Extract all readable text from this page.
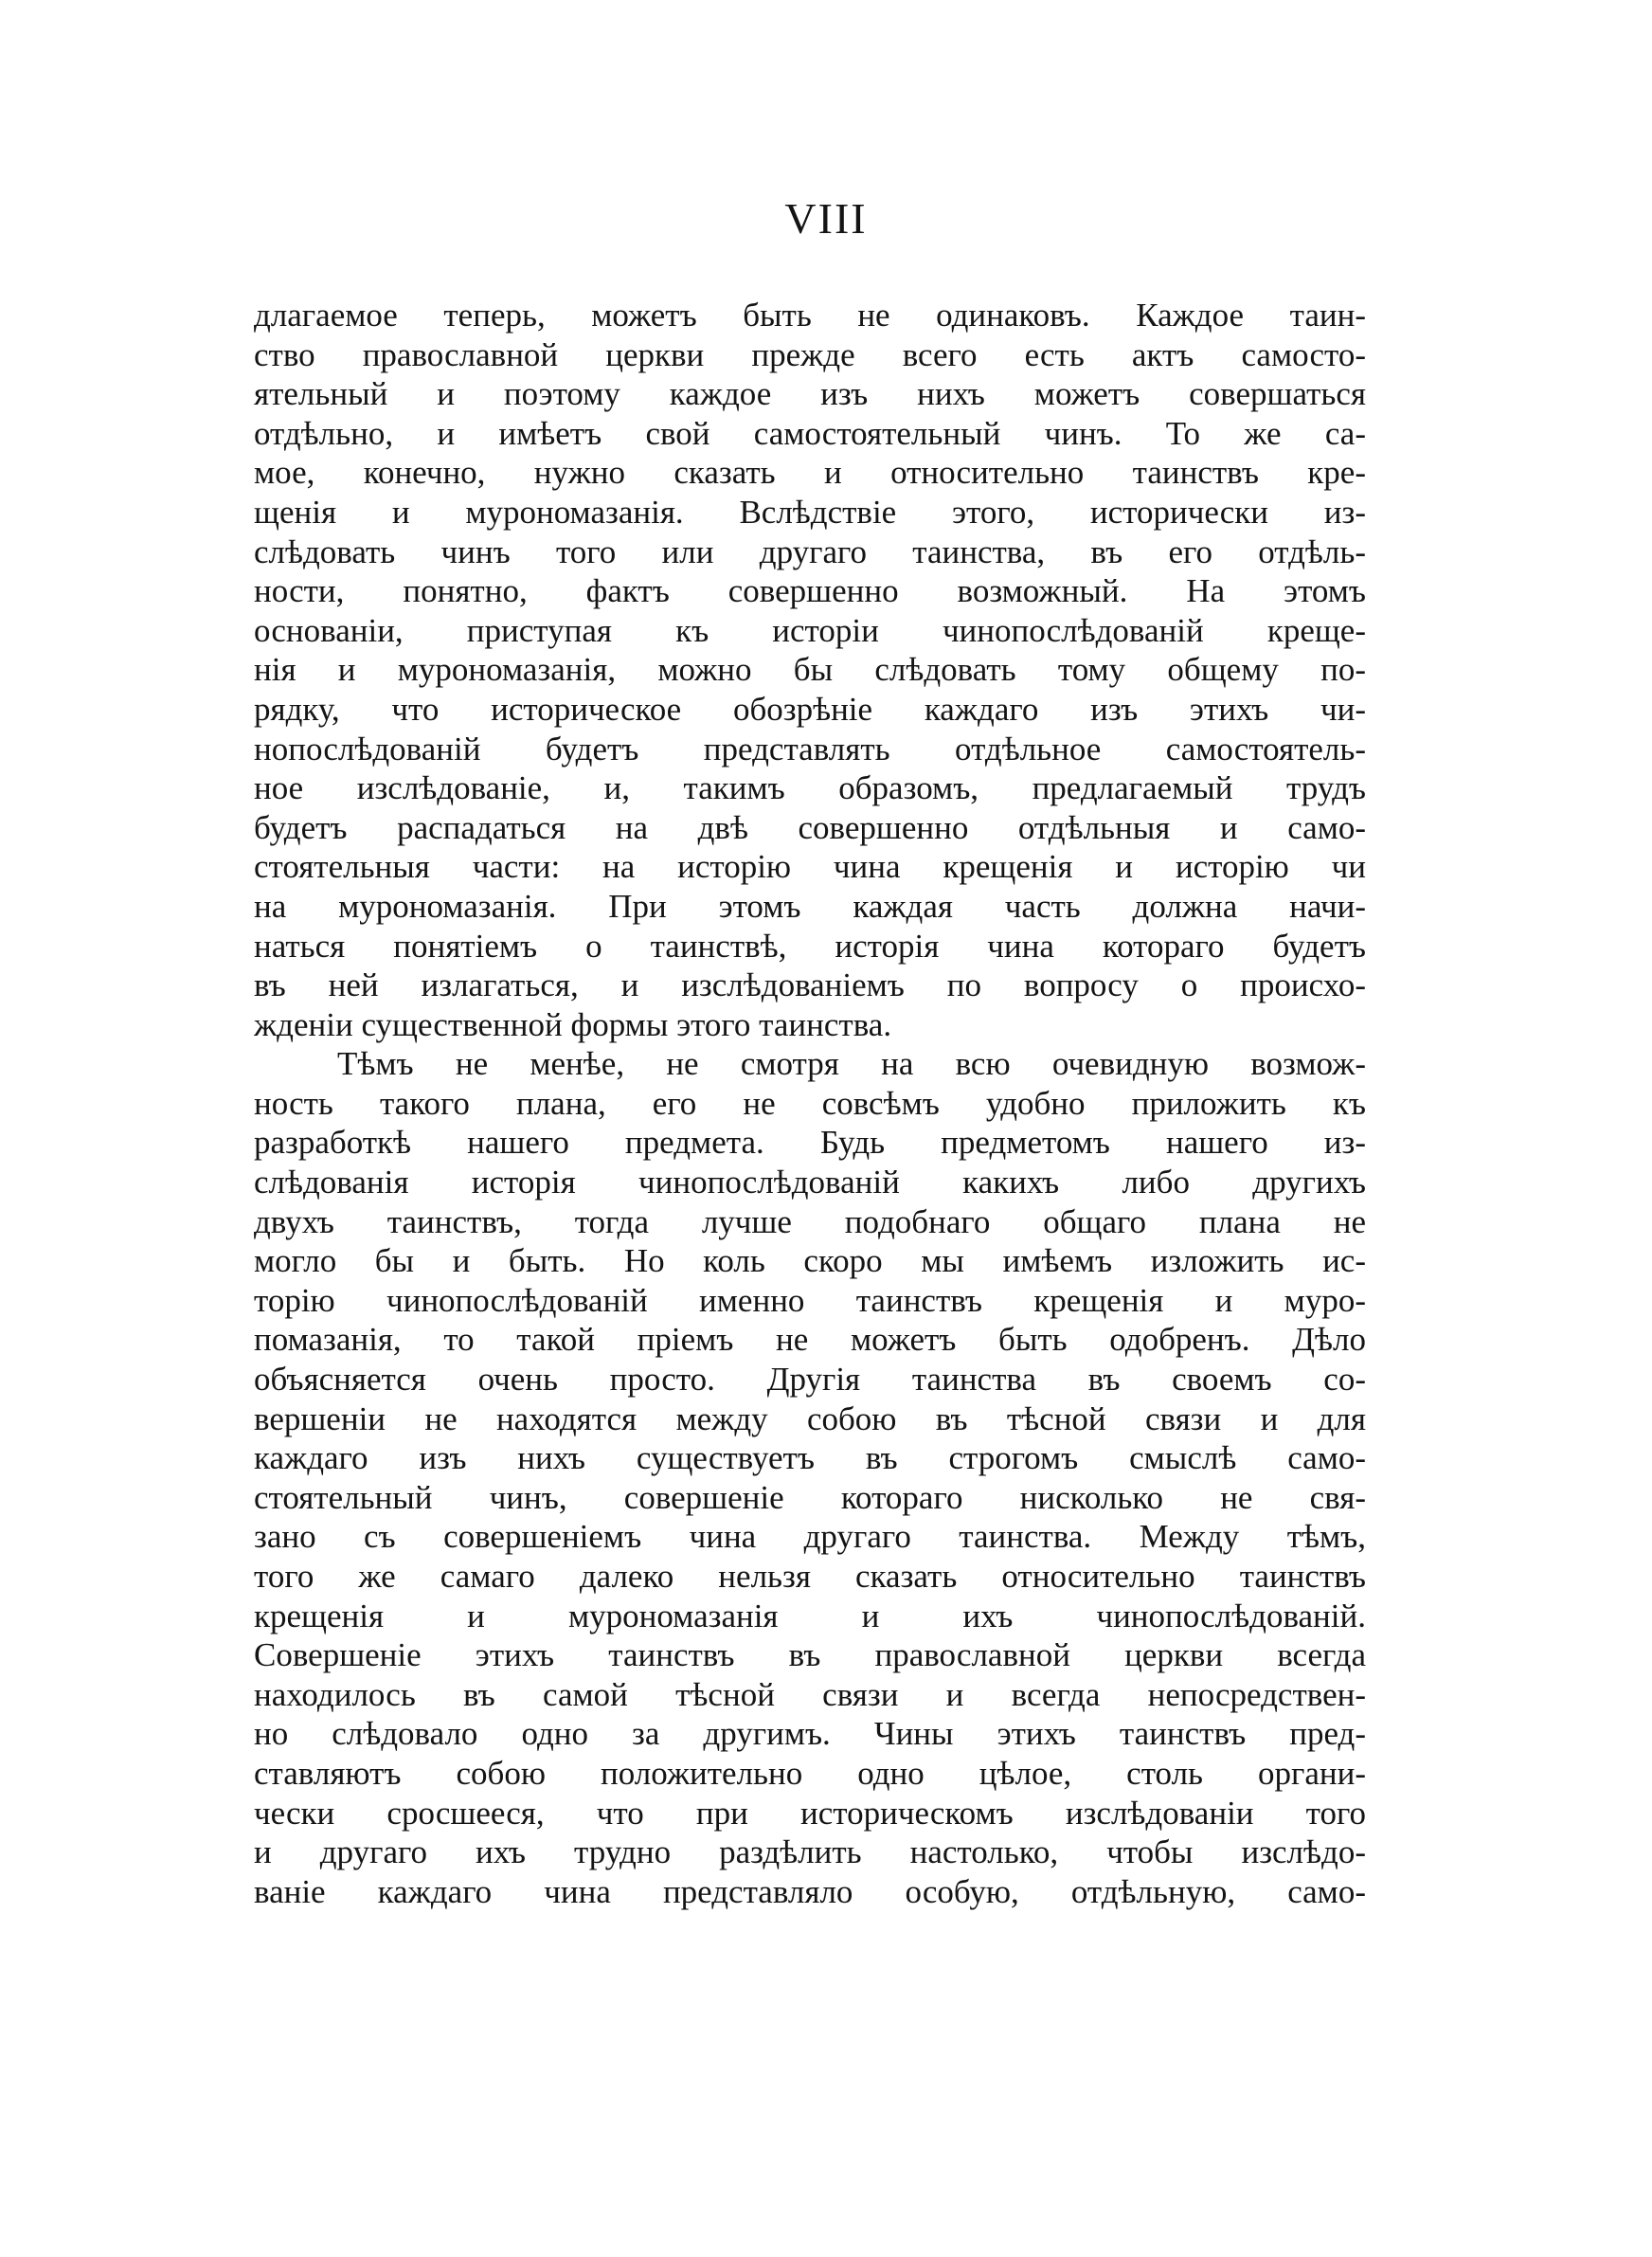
VIII
длагаемое теперь, можетъ быть не одинаковъ. Каждое таин-
ство православной церкви прежде всего есть актъ самосто-
ятельный и поэтому каждое изъ нихъ можетъ совершаться
отдѣльно, и имѣетъ свой самостоятельный чинъ. То же са-
мое, конечно, нужно сказать и относительно таинствъ кре-
щенія и мурономазанія. Вслѣдствіе этого, исторически из-
слѣдовать чинъ того или другаго таинства, въ его отдѣль-
ности, понятно, фактъ совершенно возможный. На этомъ
основаніи, приступая къ исторіи чинопослѣдованій креще-
нія и мурономазанія, можно бы слѣдовать тому общему по-
рядку, что историческое обозрѣніе каждаго изъ этихъ чи-
нопослѣдованій будетъ представлять отдѣльное самостоятель-
ное изслѣдованіе, и, такимъ образомъ, предлагаемый трудъ
будетъ распадаться на двѣ совершенно отдѣльныя и само-
стоятельныя части: на исторію чина крещенія и исторію чи
на мурономазанія. При этомъ каждая часть должна начи-
наться понятіемъ о таинствѣ, исторія чина котораго будетъ
въ ней излагаться, и изслѣдованіемъ по вопросу о происхо-
жденіи существенной формы этого таинства.
Тѣмъ не менѣе, не смотря на всю очевидную возмож-
ность такого плана, его не совсѣмъ удобно приложить къ
разработкѣ нашего предмета. Будь предметомъ нашего из-
слѣдованія исторія чинопослѣдованій какихъ либо другихъ
двухъ таинствъ, тогда лучше подобнаго общаго плана не
могло бы и быть. Но коль скоро мы имѣемъ изложить ис-
торію чинопослѣдованій именно таинствъ крещенія и муро-
помазанія, то такой пріемъ не можетъ быть одобренъ. Дѣло
объясняется очень просто. Другія таинства въ своемъ со-
вершеніи не находятся между собою въ тѣсной связи и для
каждаго изъ нихъ существуетъ въ строгомъ смыслѣ само-
стоятельный чинъ, совершеніе котораго нисколько не свя-
зано съ совершеніемъ чина другаго таинства. Между тѣмъ,
того же самаго далеко нельзя сказать относительно таинствъ
крещенія и мурономазанія и ихъ чинопослѣдованій.
Совершеніе этихъ таинствъ въ православной церкви всегда
находилось въ самой тѣсной связи и всегда непосредствен-
но слѣдовало одно за другимъ. Чины этихъ таинствъ пред-
ставляютъ собою положительно одно цѣлое, столь органи-
чески сросшееся, что при историческомъ изслѣдованіи того
и другаго ихъ трудно раздѣлить настолько, чтобы изслѣдо-
ваніе каждаго чина представляло особую, отдѣльную, само-
